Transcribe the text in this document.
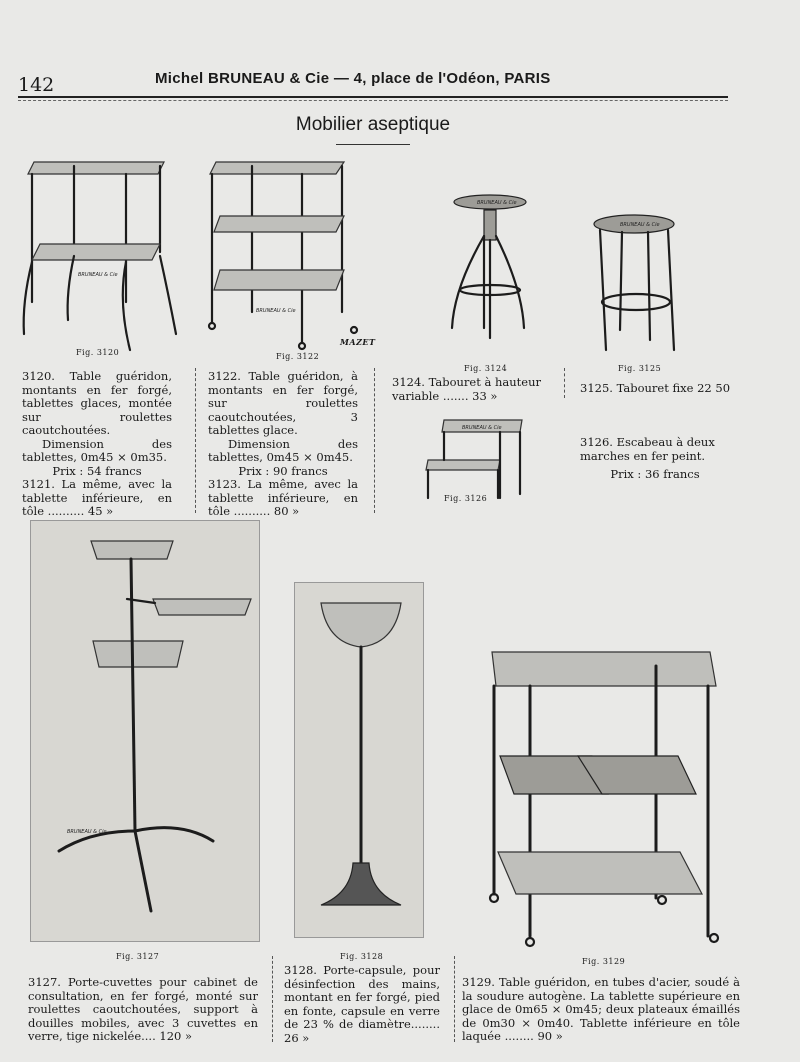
142	Michel BRUNEAU & Cie — 4, place de l'Odéon, PARIS
Mobilier aseptique
BRUNEAU & Cie
Fig. 3120
BRUNEAU & Cie
MAZET
Fig. 3122
BRUNEAU & Cie
Fig. 3124
BRUNEAU & Cie
Fig. 3125
BRUNEAU & Cie
Fig. 3126

3120. Table guéridon, montants en fer forgé, tablettes glaces, montée sur roulettes caoutchoutées.

Dimension des tablettes, 0m45 × 0m35.

Prix : 54 francs

3121. La même, avec la tablette inférieure, en tôle .......... 45 »

3122. Table guéridon, à montants en fer forgé, sur roulettes caoutchoutées, 3 tablettes glace.

Dimension des tablettes, 0m45 × 0m45.

Prix : 90 francs

3123. La même, avec la tablette inférieure, en tôle .......... 80 »

3124. Tabouret à hauteur variable ....... 33 »
3125. Tabouret fixe 22 50

3126. Escabeau à deux marches en fer peint.

Prix : 36 francs

BRUNEAU & Cie
Fig. 3127	Fig. 3128
Fig. 3129
3127. Porte-cuvettes pour cabinet de consultation, en fer forgé, monté sur roulettes caoutchoutées, support à douilles mobiles, avec 3 cuvettes en verre, tige nickelée.... 120 »
3128. Porte-capsule, pour désinfection des mains, montant en fer forgé, pied en fonte, capsule en verre de 23 % de diamètre........ 26 »
3129. Table guéridon, en tubes d'acier, soudé à la soudure autogène. La tablette supérieure en glace de 0m65 × 0m45; deux plateaux émaillés de 0m30 × 0m40. Tablette inférieure en tôle laquée ........ 90 »
